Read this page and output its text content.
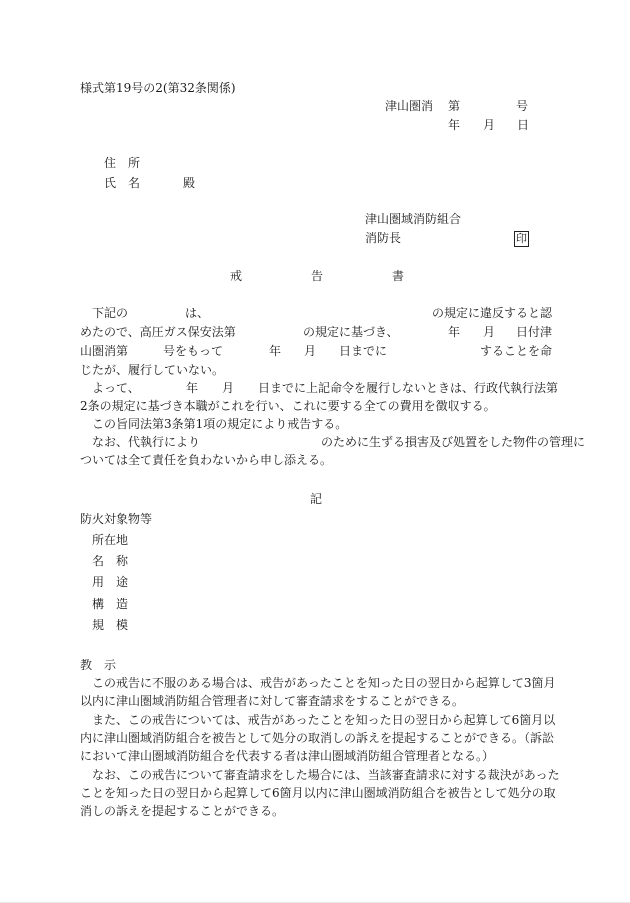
様式第19号の2(第32条関係)
津山圏消 第	号
年 月 日
住　所
氏　名	殿
津山圏域消防組合
消防長	印
戒	告	書
下記の	は、	の規定に違反すると認
めたので、高圧ガス保安法第	の規定に基づき、	年 月 日付津
山圏消第	号をもって	年 月 日までに	することを命
じたが、履行していない。
よって、	年 月 日までに上記命令を履行しないときは、行政代執行法第
2条の規定に基づき本職がこれを行い、これに要する全ての費用を徴収する。
この旨同法第3条第1項の規定により戒告する。
なお、代執行により	のために生ずる損害及び処置をした物件の管理に
ついては全て責任を負わないから申し添える。
記
防火対象物等
所在地
名　称
用　途
構　造
規　模
教　示
この戒告に不服のある場合は、戒告があったことを知った日の翌日から起算して3箇月
以内に津山圏域消防組合管理者に対して審査請求をすることができる。
また、この戒告については、戒告があったことを知った日の翌日から起算して6箇月以
内に津山圏域消防組合を被告として処分の取消しの訴えを提起することができる。（訴訟
において津山圏域消防組合を代表する者は津山圏域消防組合管理者となる。）
なお、この戒告について審査請求をした場合には、当該審査請求に対する裁決があった
ことを知った日の翌日から起算して6箇月以内に津山圏域消防組合を被告として処分の取
消しの訴えを提起することができる。
